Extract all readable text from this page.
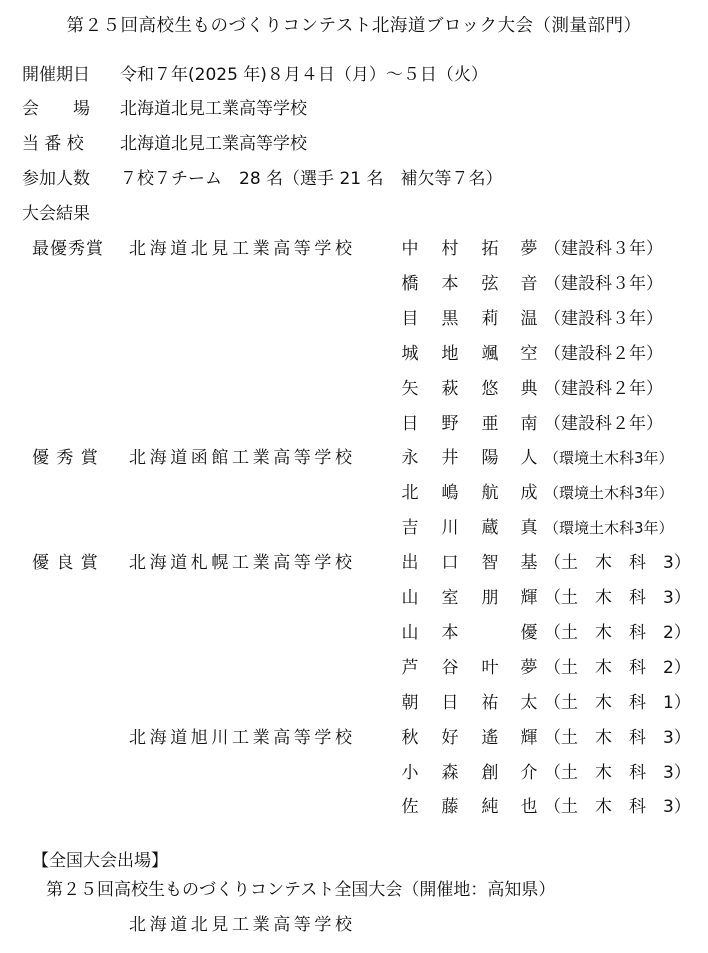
第２５回高校生ものづくりコンテスト北海道ブロック大会（測量部門）
開催期日 令和７年(2025 年)８月４日（月）～５日（火）
会　　場 北海道北見工業高等学校
当 番 校 北海道北見工業高等学校
参加人数 ７校７チーム　28 名（選手 21 名　補欠等７名）
大会結果
最優秀賞 北海道北見工業高等学校	中 村 拓 夢 （建設科３年）
橋 本 弦 音 （建設科３年）
目 黒 莉 温 （建設科３年）
城 地 颯 空 （建設科２年）
矢 萩 悠 典 （建設科２年）
日 野 亜 南 （建設科２年）
優 秀 賞 北海道函館工業高等学校	永 井 陽 人 （環境土木科3年）
北 嶋 航 成 （環境土木科3年）
吉 川 蔵 真 （環境土木科3年）
優 良 賞 北海道札幌工業高等学校	出 口 智 基 （土　木　科　3）
山 室 朋 輝 （土　木　科　3）
山 本	優 （土　木　科　2）
芦 谷 叶 夢 （土　木　科　2）
朝 日 祐 太 （土　木　科　1）
北海道旭川工業高等学校	秋 好 遙 輝 （土　木　科　3）
小 森 創 介 （土　木　科　3）
佐 藤 純 也 （土　木　科　3）
【全国大会出場】
第２５回高校生ものづくりコンテスト全国大会（開催地：高知県）
北海道北見工業高等学校
